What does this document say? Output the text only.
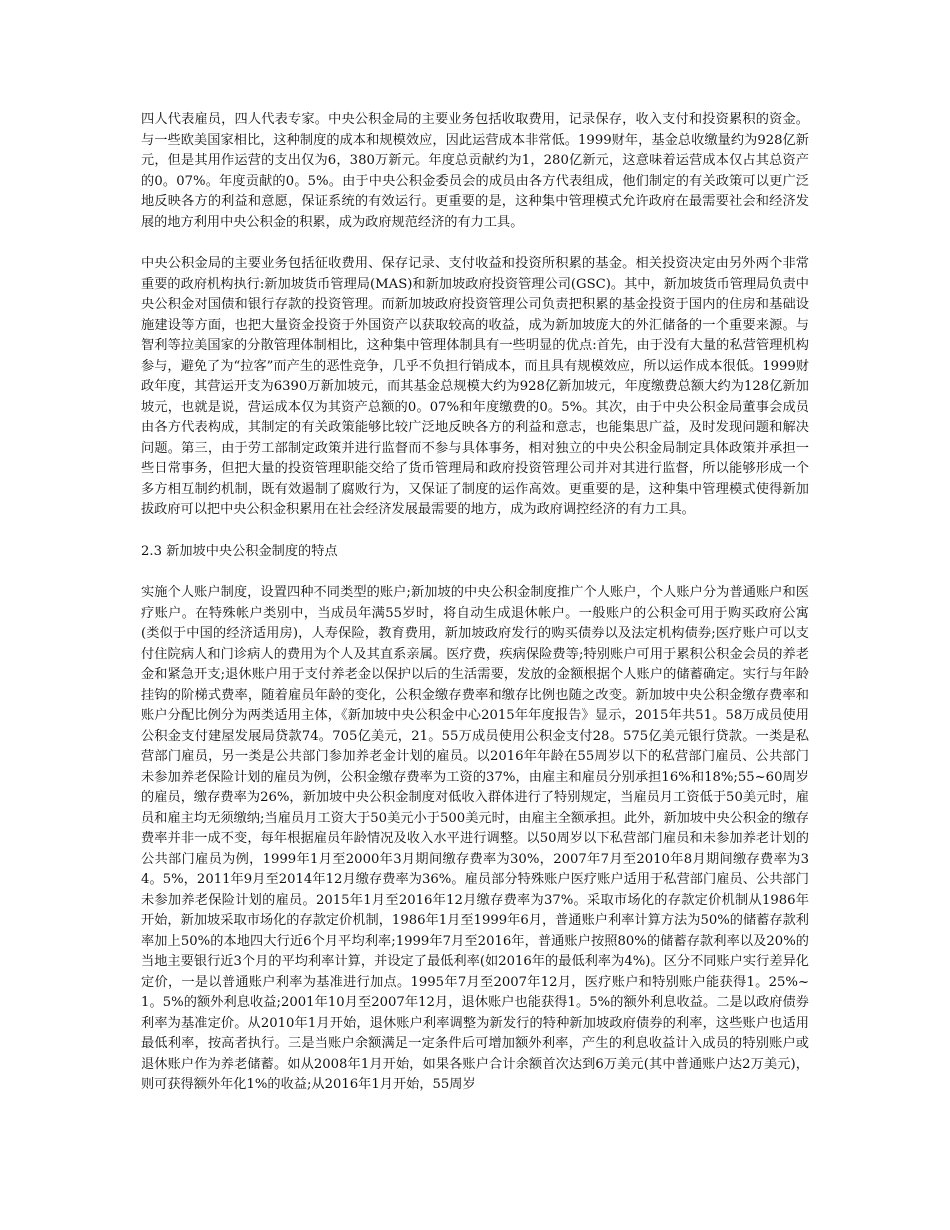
四人代表雇员，四人代表专家。中央公积金局的主要业务包括收取费用，记录保存，收入支付和投资累积的资金。与一些欧美国家相比，这种制度的成本和规模效应，因此运营成本非常低。1999财年，基金总收缴量约为928亿新元，但是其用作运营的支出仅为6，380万新元。年度总贡献约为1，280亿新元，这意味着运营成本仅占其总资产的0。07%。年度贡献的0。5%。由于中央公积金委员会的成员由各方代表组成，他们制定的有关政策可以更广泛地反映各方的利益和意愿，保证系统的有效运行。更重要的是，这种集中管理模式允许政府在最需要社会和经济发展的地方利用中央公积金的积累，成为政府规范经济的有力工具。

中央公积金局的主要业务包括征收费用、保存记录、支付收益和投资所积累的基金。相关投资决定由另外两个非常重要的政府机构执行:新加坡货币管理局(MAS)和新加坡政府投资管理公司(GSC)。其中，新加坡货币管理局负责中央公积金对国债和银行存款的投资管理。而新加坡政府投资管理公司负责把积累的基金投资于国内的住房和基础设施建设等方面，也把大量资金投资于外国资产以获取较高的收益，成为新加坡庞大的外汇储备的一个重要来源。与智利等拉美国家的分散管理体制相比，这种集中管理体制具有一些明显的优点:首先，由于没有大量的私营管理机构参与，避免了为“拉客”而产生的恶性竞争，几乎不负担行销成本，而且具有规模效应，所以运作成本很低。1999财政年度，其营运开支为6390万新加坡元，而其基金总规模大约为928亿新加坡元，年度缴费总额大约为128亿新加坡元，也就是说，营运成本仅为其资产总额的0。07%和年度缴费的0。5%。其次，由于中央公积金局董事会成员由各方代表构成，其制定的有关政策能够比较广泛地反映各方的利益和意志，也能集思广益，及时发现问题和解决问题。第三，由于劳工部制定政策并进行监督而不参与具体事务，相对独立的中央公积金局制定具体政策并承担一些日常事务，但把大量的投资管理职能交给了货币管理局和政府投资管理公司并对其进行监督，所以能够形成一个多方相互制约机制，既有效遏制了腐败行为，又保证了制度的运作高效。更重要的是，这种集中管理模式使得新加拔政府可以把中央公积金积累用在社会经济发展最需要的地方，成为政府调控经济的有力工具。

2.3 新加坡中央公积金制度的特点

实施个人账户制度，设置四种不同类型的账户;新加坡的中央公积金制度推广个人账户，个人账户分为普通账户和医疗账户。在特殊帐户类别中，当成员年满55岁时，将自动生成退休帐户。一般账户的公积金可用于购买政府公寓(类似于中国的经济适用房)，人寿保险，教育费用，新加坡政府发行的购买债券以及法定机构债券;医疗账户可以支付住院病人和门诊病人的费用为个人及其直系亲属。医疗费，疾病保险费等;特别账户可用于累积公积金会员的养老金和紧急开支;退休账户用于支付养老金以保护以后的生活需要，发放的金额根据个人账户的储蓄确定。实行与年龄挂钩的阶梯式费率，随着雇员年龄的变化，公积金缴存费率和缴存比例也随之改变。新加坡中央公积金缴存费率和账户分配比例分为两类适用主体，《新加坡中央公积金中心2015年年度报告》显示，2015年共51。58万成员使用公积金支付建屋发展局贷款74。705亿美元，21。55万成员使用公积金支付28。575亿美元银行贷款。一类是私营部门雇员，另一类是公共部门参加养老金计划的雇员。以2016年年龄在55周岁以下的私营部门雇员、公共部门未参加养老保险计划的雇员为例，公积金缴存费率为工资的37%，由雇主和雇员分别承担16%和18%;55~60周岁的雇员，缴存费率为26%，新加坡中央公积金制度对低收入群体进行了特别规定，当雇员月工资低于50美元时，雇员和雇主均无须缴纳;当雇员月工资大于50美元小于500美元时，由雇主全额承担。此外，新加坡中央公积金的缴存费率并非一成不变，每年根据雇员年龄情况及收入水平进行调整。以50周岁以下私营部门雇员和未参加养老计划的公共部门雇员为例，1999年1月至2000年3月期间缴存费率为30%，2007年7月至2010年8月期间缴存费率为34。5%，2011年9月至2014年12月缴存费率为36%。雇员部分特殊账户医疗账户适用于私营部门雇员、公共部门未参加养老保险计划的雇员。2015年1月至2016年12月缴存费率为37%。采取市场化的存款定价机制从1986年开始，新加坡采取市场化的存款定价机制，1986年1月至1999年6月，普通账户利率计算方法为50%的储蓄存款利率加上50%的本地四大行近6个月平均利率;1999年7月至2016年，普通账户按照80%的储蓄存款利率以及20%的当地主要银行近3个月的平均利率计算，并设定了最低利率(如2016年的最低利率为4%)。区分不同账户实行差异化定价，一是以普通账户利率为基准进行加点。1995年7月至2007年12月，医疗账户和特别账户能获得1。25%~1。5%的额外利息收益;2001年10月至2007年12月，退休账户也能获得1。5%的额外利息收益。二是以政府债券利率为基准定价。从2010年1月开始，退休账户利率调整为新发行的特种新加坡政府债券的利率，这些账户也适用最低利率，按高者执行。三是当账户余额满足一定条件后可增加额外利率，产生的利息收益计入成员的特别账户或退休账户作为养老储蓄。如从2008年1月开始，如果各账户合计余额首次达到6万美元(其中普通账户达2万美元)，则可获得额外年化1%的收益;从2016年1月开始，55周岁
